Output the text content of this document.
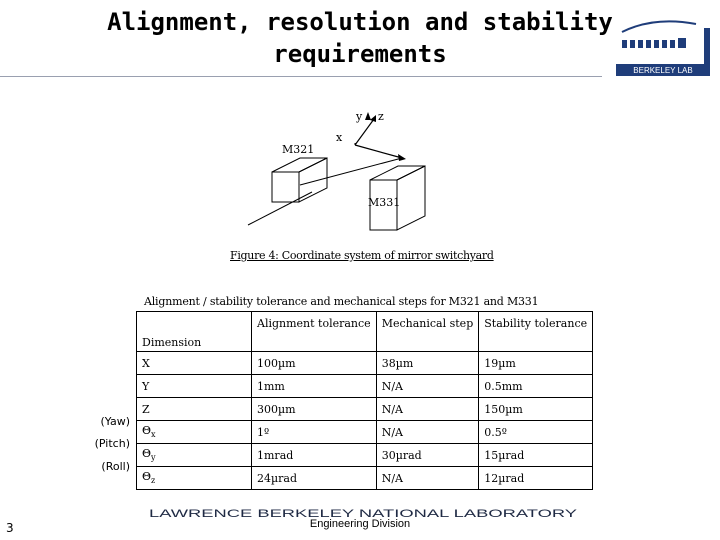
Alignment, resolution and stability
requirements
BERKELEY LAB
y z
x
M321
M331
Figure 4: Coordinate system of mirror switchyard
Alignment / stability tolerance and mechanical steps for M321 and M331
Dimension	Alignment tolerance	Mechanical step	Stability tolerance
X	100µm	38µm	19µm
Y	1mm	N/A	0.5mm
Z	300µm	N/A	150µm
$\Theta_x$	1º	N/A	0.5º
$\Theta_y$	1mrad	30µrad	15µrad
$\Theta_z$	24µrad	N/A	12µrad
(Yaw)
(Pitch)
(Roll)
LAWRENCE BERKELEY NATIONAL LABORATORY
Engineering Division
3
